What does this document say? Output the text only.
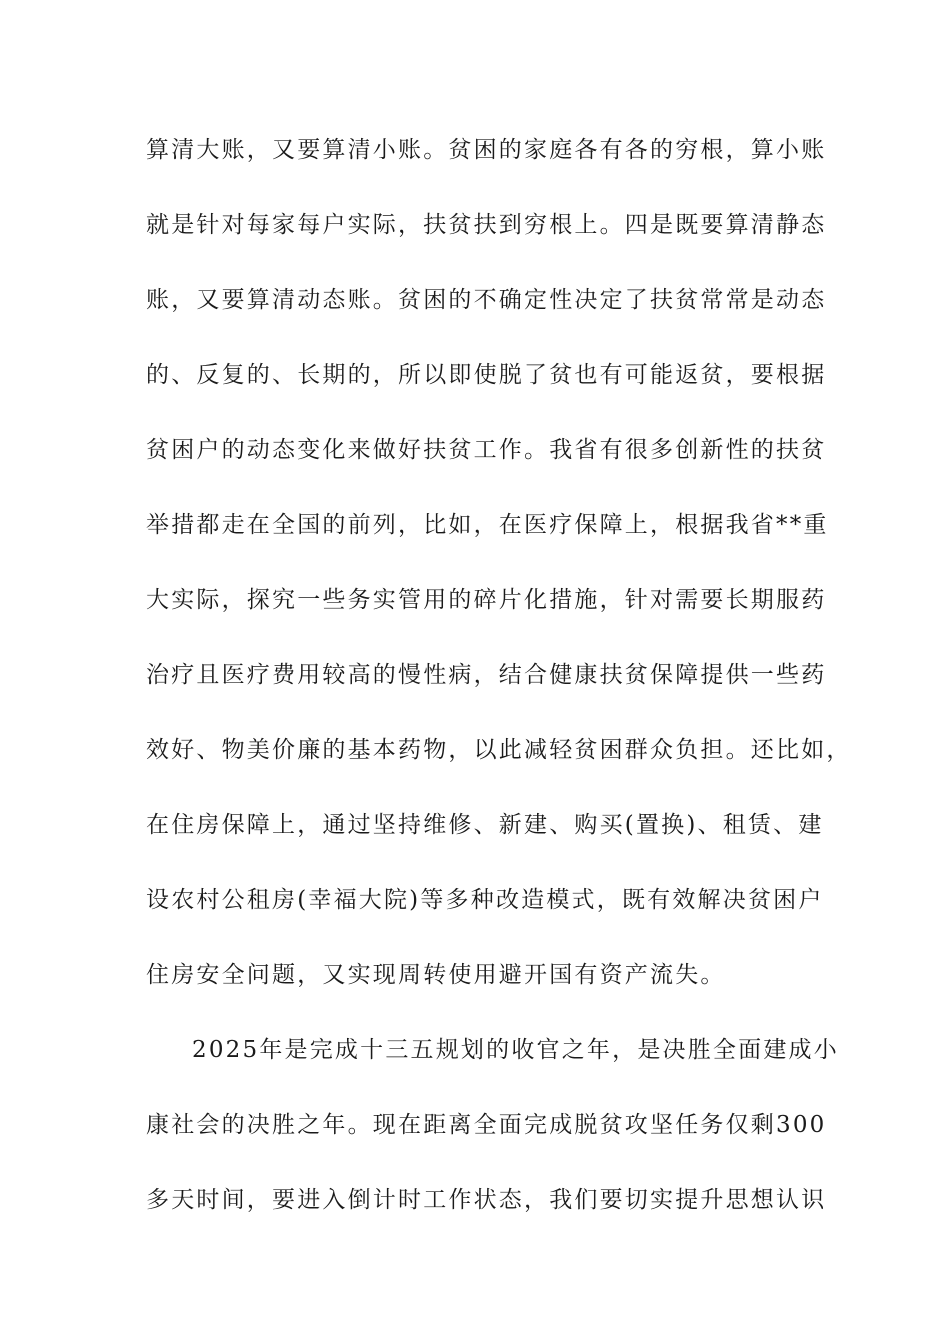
算清大账，又要算清小账。贫困的家庭各有各的穷根，算小账
就是针对每家每户实际，扶贫扶到穷根上。四是既要算清静态
账，又要算清动态账。贫困的不确定性决定了扶贫常常是动态
的、反复的、长期的，所以即使脱了贫也有可能返贫，要根据
贫困户的动态变化来做好扶贫工作。我省有很多创新性的扶贫
举措都走在全国的前列，比如，在医疗保障上，根据我省**重
大实际，探究一些务实管用的碎片化措施，针对需要长期服药
治疗且医疗费用较高的慢性病，结合健康扶贫保障提供一些药
效好、物美价廉的基本药物，以此减轻贫困群众负担。还比如，
在住房保障上，通过坚持维修、新建、购买(置换)、租赁、建
设农村公租房(幸福大院)等多种改造模式，既有效解决贫困户
住房安全问题，又实现周转使用避开国有资产流失。
2025年是完成十三五规划的收官之年，是决胜全面建成小
康社会的决胜之年。现在距离全面完成脱贫攻坚任务仅剩300
多天时间，要进入倒计时工作状态，我们要切实提升思想认识
